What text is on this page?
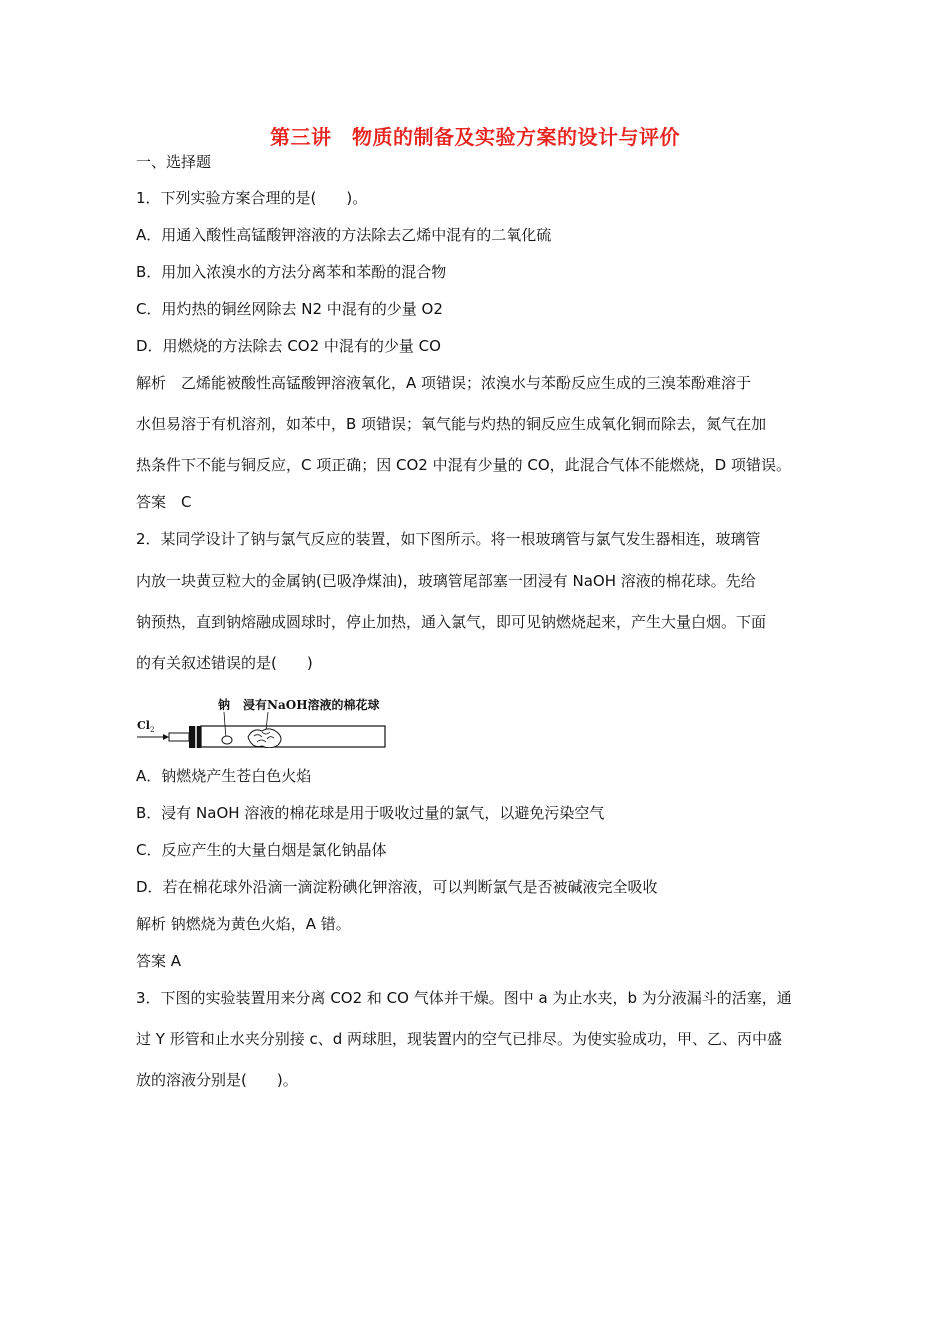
第三讲　物质的制备及实验方案的设计与评价
一、选择题
1．下列实验方案合理的是(　　)。
A．用通入酸性高锰酸钾溶液的方法除去乙烯中混有的二氧化硫
B．用加入浓溴水的方法分离苯和苯酚的混合物
C．用灼热的铜丝网除去 N2 中混有的少量 O2
D．用燃烧的方法除去 CO2 中混有的少量 CO
解析　乙烯能被酸性高锰酸钾溶液氧化，A 项错误；浓溴水与苯酚反应生成的三溴苯酚难溶于
水但易溶于有机溶剂，如苯中，B 项错误；氧气能与灼热的铜反应生成氧化铜而除去，氮气在加
热条件下不能与铜反应，C 项正确；因 CO2 中混有少量的 CO，此混合气体不能燃烧，D 项错误。
答案　C
2．某同学设计了钠与氯气反应的装置，如下图所示。将一根玻璃管与氯气发生器相连，玻璃管
内放一块黄豆粒大的金属钠(已吸净煤油)，玻璃管尾部塞一团浸有 NaOH 溶液的棉花球。先给
钠预热，直到钠熔融成圆球时，停止加热，通入氯气，即可见钠燃烧起来，产生大量白烟。下面
的有关叙述错误的是(　　)
钠 浸有NaOH溶液的棉花球
Cl 2
A．钠燃烧产生苍白色火焰
B．浸有 NaOH 溶液的棉花球是用于吸收过量的氯气，以避免污染空气
C．反应产生的大量白烟是氯化钠晶体
D．若在棉花球外沿滴一滴淀粉碘化钾溶液，可以判断氯气是否被碱液完全吸收
解析 钠燃烧为黄色火焰，A 错。
答案 A
3．下图的实验装置用来分离 CO2 和 CO 气体并干燥。图中 a 为止水夹，b 为分液漏斗的活塞，通
过 Y 形管和止水夹分别接 c、d 两球胆，现装置内的空气已排尽。为使实验成功，甲、乙、丙中盛
放的溶液分别是(　　)。
